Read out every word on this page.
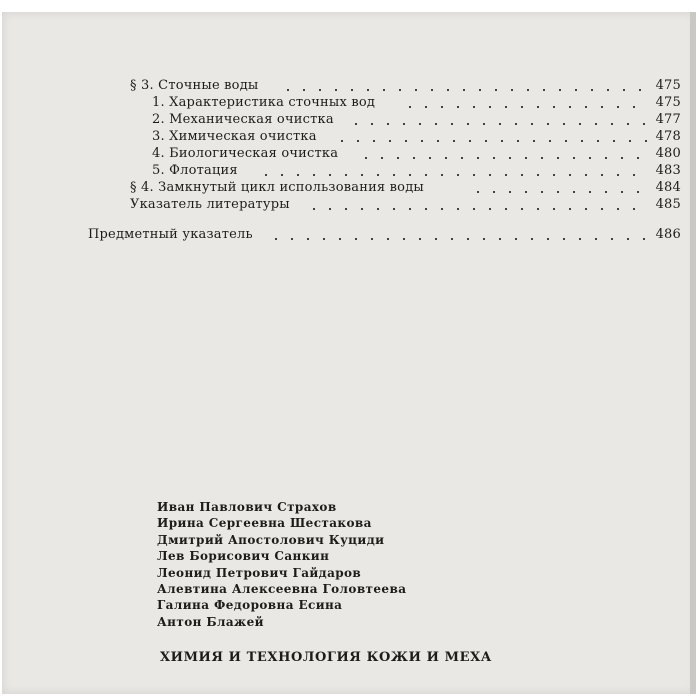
§ 3. Сточные воды	475
1. Характеристика сточных вод	475
2. Механическая очистка	477
3. Химическая очистка	478
4. Биологическая очистка	480
5. Флотация	483
§ 4. Замкнутый цикл использования воды	484
Указатель литературы	485
Предметный указатель	486
Иван Павлович Страхов
Ирина Сергеевна Шестакова
Дмитрий Апостолович Куциди
Лев Борисович Санкин
Леонид Петрович Гайдаров
Алевтина Алексеевна Головтеева
Галина Федоровна Есина
Антон Блажей
ХИМИЯ И ТЕХНОЛОГИЯ КОЖИ И МЕХА
